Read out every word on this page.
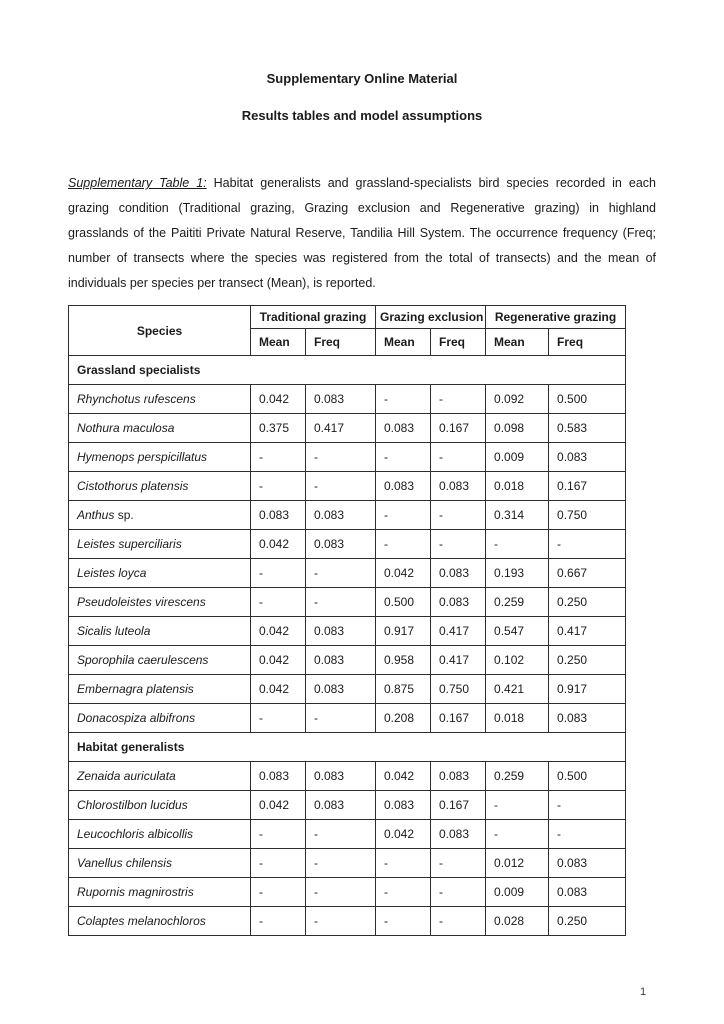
Supplementary Online Material

Results tables and model assumptions

Supplementary Table 1: Habitat generalists and grassland-specialists bird species recorded in each grazing condition (Traditional grazing, Grazing exclusion and Regenerative grazing) in highland grasslands of the Paititi Private Natural Reserve, Tandilia Hill System. The occurrence frequency (Freq; number of transects where the species was registered from the total of transects) and the mean of individuals per species per transect (Mean), is reported.

Species	Traditional grazing		Grazing exclusion		Regenerative grazing	
	Mean	Freq	Mean	Freq	Mean	Freq
Grassland specialists						
Rhynchotus rufescens	0.042	0.083	-	-	0.092	0.500
Nothura maculosa	0.375	0.417	0.083	0.167	0.098	0.583
Hymenops perspicillatus	-	-	-	-	0.009	0.083
Cistothorus platensis	-	-	0.083	0.083	0.018	0.167
Anthus sp.	0.083	0.083	-	-	0.314	0.750
Leistes superciliaris	0.042	0.083	-	-	-	-
Leistes loyca	-	-	0.042	0.083	0.193	0.667
Pseudoleistes virescens	-	-	0.500	0.083	0.259	0.250
Sicalis luteola	0.042	0.083	0.917	0.417	0.547	0.417
Sporophila caerulescens	0.042	0.083	0.958	0.417	0.102	0.250
Embernagra platensis	0.042	0.083	0.875	0.750	0.421	0.917
Donacospiza albifrons	-	-	0.208	0.167	0.018	0.083
Habitat generalists						
Zenaida auriculata	0.083	0.083	0.042	0.083	0.259	0.500
Chlorostilbon lucidus	0.042	0.083	0.083	0.167	-	-
Leucochloris albicollis	-	-	0.042	0.083	-	-
Vanellus chilensis	-	-	-	-	0.012	0.083
Rupornis magnirostris	-	-	-	-	0.009	0.083
Colaptes melanochloros	-	-	-	-	0.028	0.250
1
